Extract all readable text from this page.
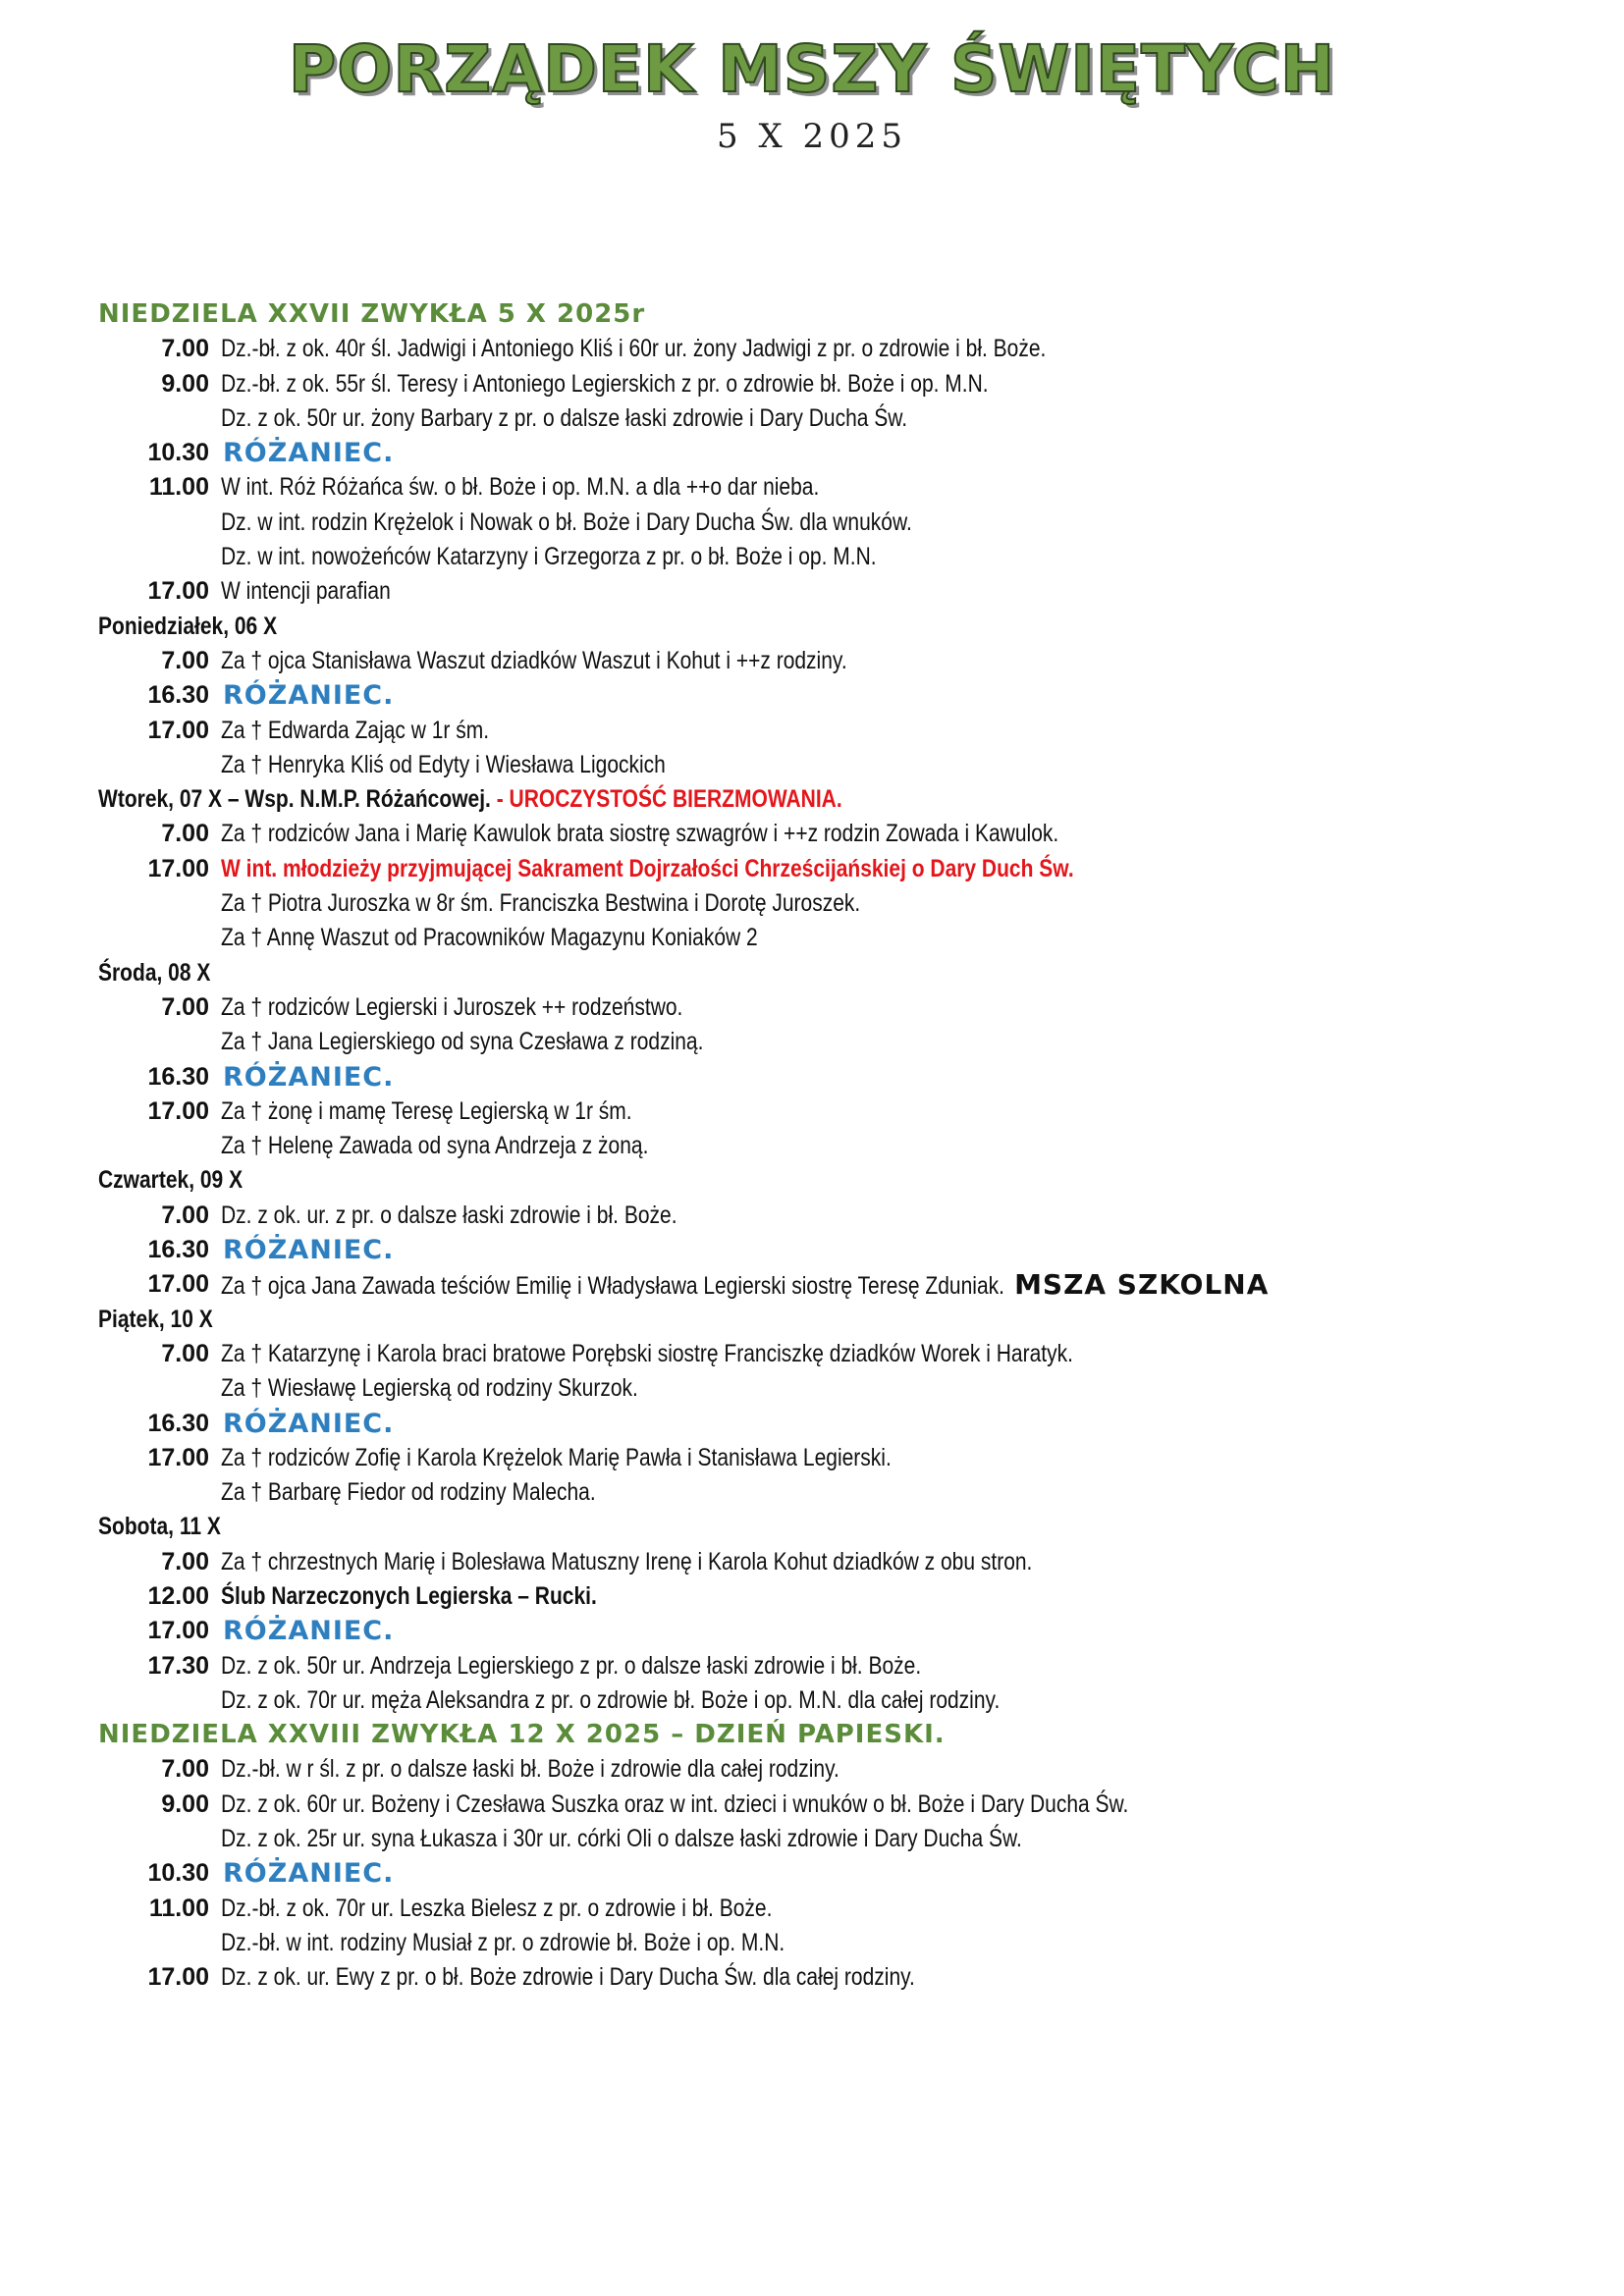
PORZĄDEK MSZY ŚWIĘTYCH
5 X 2025
NIEDZIELA XXVII ZWYKŁA 5 X 2025r
7.00 Dz.-bł. z ok. 40r śl. Jadwigi i Antoniego Kliś i 60r ur. żony Jadwigi z pr. o zdrowie i bł. Boże.
9.00 Dz.-bł. z ok. 55r śl. Teresy i Antoniego Legierskich z pr. o zdrowie bł. Boże i op. M.N.
Dz. z ok. 50r ur. żony Barbary z pr. o dalsze łaski zdrowie i Dary Ducha Św.
10.30 RÓŻANIEC.
11.00 W int. Róż Różańca św. o bł. Boże i op. M.N. a dla ++o dar nieba.
Dz. w int. rodzin Krężelok i Nowak o bł. Boże i Dary Ducha Św. dla wnuków.
Dz. w int. nowożeńców Katarzyny i Grzegorza z pr. o bł. Boże i op. M.N.
17.00 W intencji parafian
Poniedziałek, 06 X
7.00 Za † ojca Stanisława Waszut dziadków Waszut i Kohut i ++z rodziny.
16.30 RÓŻANIEC.
17.00 Za † Edwarda Zając w 1r śm.
Za † Henryka Kliś od Edyty i Wiesława Ligockich
Wtorek, 07 X – Wsp. N.M.P. Różańcowej. - UROCZYSTOŚĆ BIERZMOWANIA.
7.00 Za † rodziców Jana i Marię Kawulok brata siostrę szwagrów i ++z rodzin Zowada i Kawulok.
17.00 W int. młodzieży przyjmującej Sakrament Dojrzałości Chrześcijańskiej o Dary Duch Św.
Za † Piotra Juroszka w 8r śm. Franciszka Bestwina i Dorotę Juroszek.
Za † Annę Waszut od Pracowników Magazynu Koniaków 2
Środa, 08 X
7.00 Za † rodziców Legierski i Juroszek ++ rodzeństwo.
Za † Jana Legierskiego od syna Czesława z rodziną.
16.30 RÓŻANIEC.
17.00 Za † żonę i mamę Teresę Legierską w 1r śm.
Za † Helenę Zawada od syna Andrzeja z żoną.
Czwartek, 09 X
7.00 Dz. z ok. ur. z pr. o dalsze łaski zdrowie i bł. Boże.
16.30 RÓŻANIEC.
17.00 Za † ojca Jana Zawada teściów Emilię i Władysława Legierski siostrę Teresę Zduniak. MSZA SZKOLNA
Piątek, 10 X
7.00 Za † Katarzynę i Karola braci bratowe Porębski siostrę Franciszkę dziadków Worek i Haratyk.
Za † Wiesławę Legierską od rodziny Skurzok.
16.30 RÓŻANIEC.
17.00 Za † rodziców Zofię i Karola Krężelok Marię Pawła i Stanisława Legierski.
Za † Barbarę Fiedor od rodziny Malecha.
Sobota, 11 X
7.00 Za † chrzestnych Marię i Bolesława Matuszny Irenę i Karola Kohut dziadków z obu stron.
12.00 Ślub Narzeczonych Legierska – Rucki.
17.00 RÓŻANIEC.
17.30 Dz. z ok. 50r ur. Andrzeja Legierskiego z pr. o dalsze łaski zdrowie i bł. Boże.
Dz. z ok. 70r ur. męża Aleksandra z pr. o zdrowie bł. Boże i op. M.N. dla całej rodziny.
NIEDZIELA XXVIII ZWYKŁA 12 X 2025 – DZIEŃ PAPIESKI.
7.00 Dz.-bł. w r śl. z pr. o dalsze łaski bł. Boże i zdrowie dla całej rodziny.
9.00 Dz. z ok. 60r ur. Bożeny i Czesława Suszka oraz w int. dzieci i wnuków o bł. Boże i Dary Ducha Św.
Dz. z ok. 25r ur. syna Łukasza i 30r ur. córki Oli o dalsze łaski zdrowie i Dary Ducha Św.
10.30 RÓŻANIEC.
11.00 Dz.-bł. z ok. 70r ur. Leszka Bielesz z pr. o zdrowie i bł. Boże.
Dz.-bł. w int. rodziny Musiał z pr. o zdrowie bł. Boże i op. M.N.
17.00 Dz. z ok. ur. Ewy z pr. o bł. Boże zdrowie i Dary Ducha Św. dla całej rodziny.
